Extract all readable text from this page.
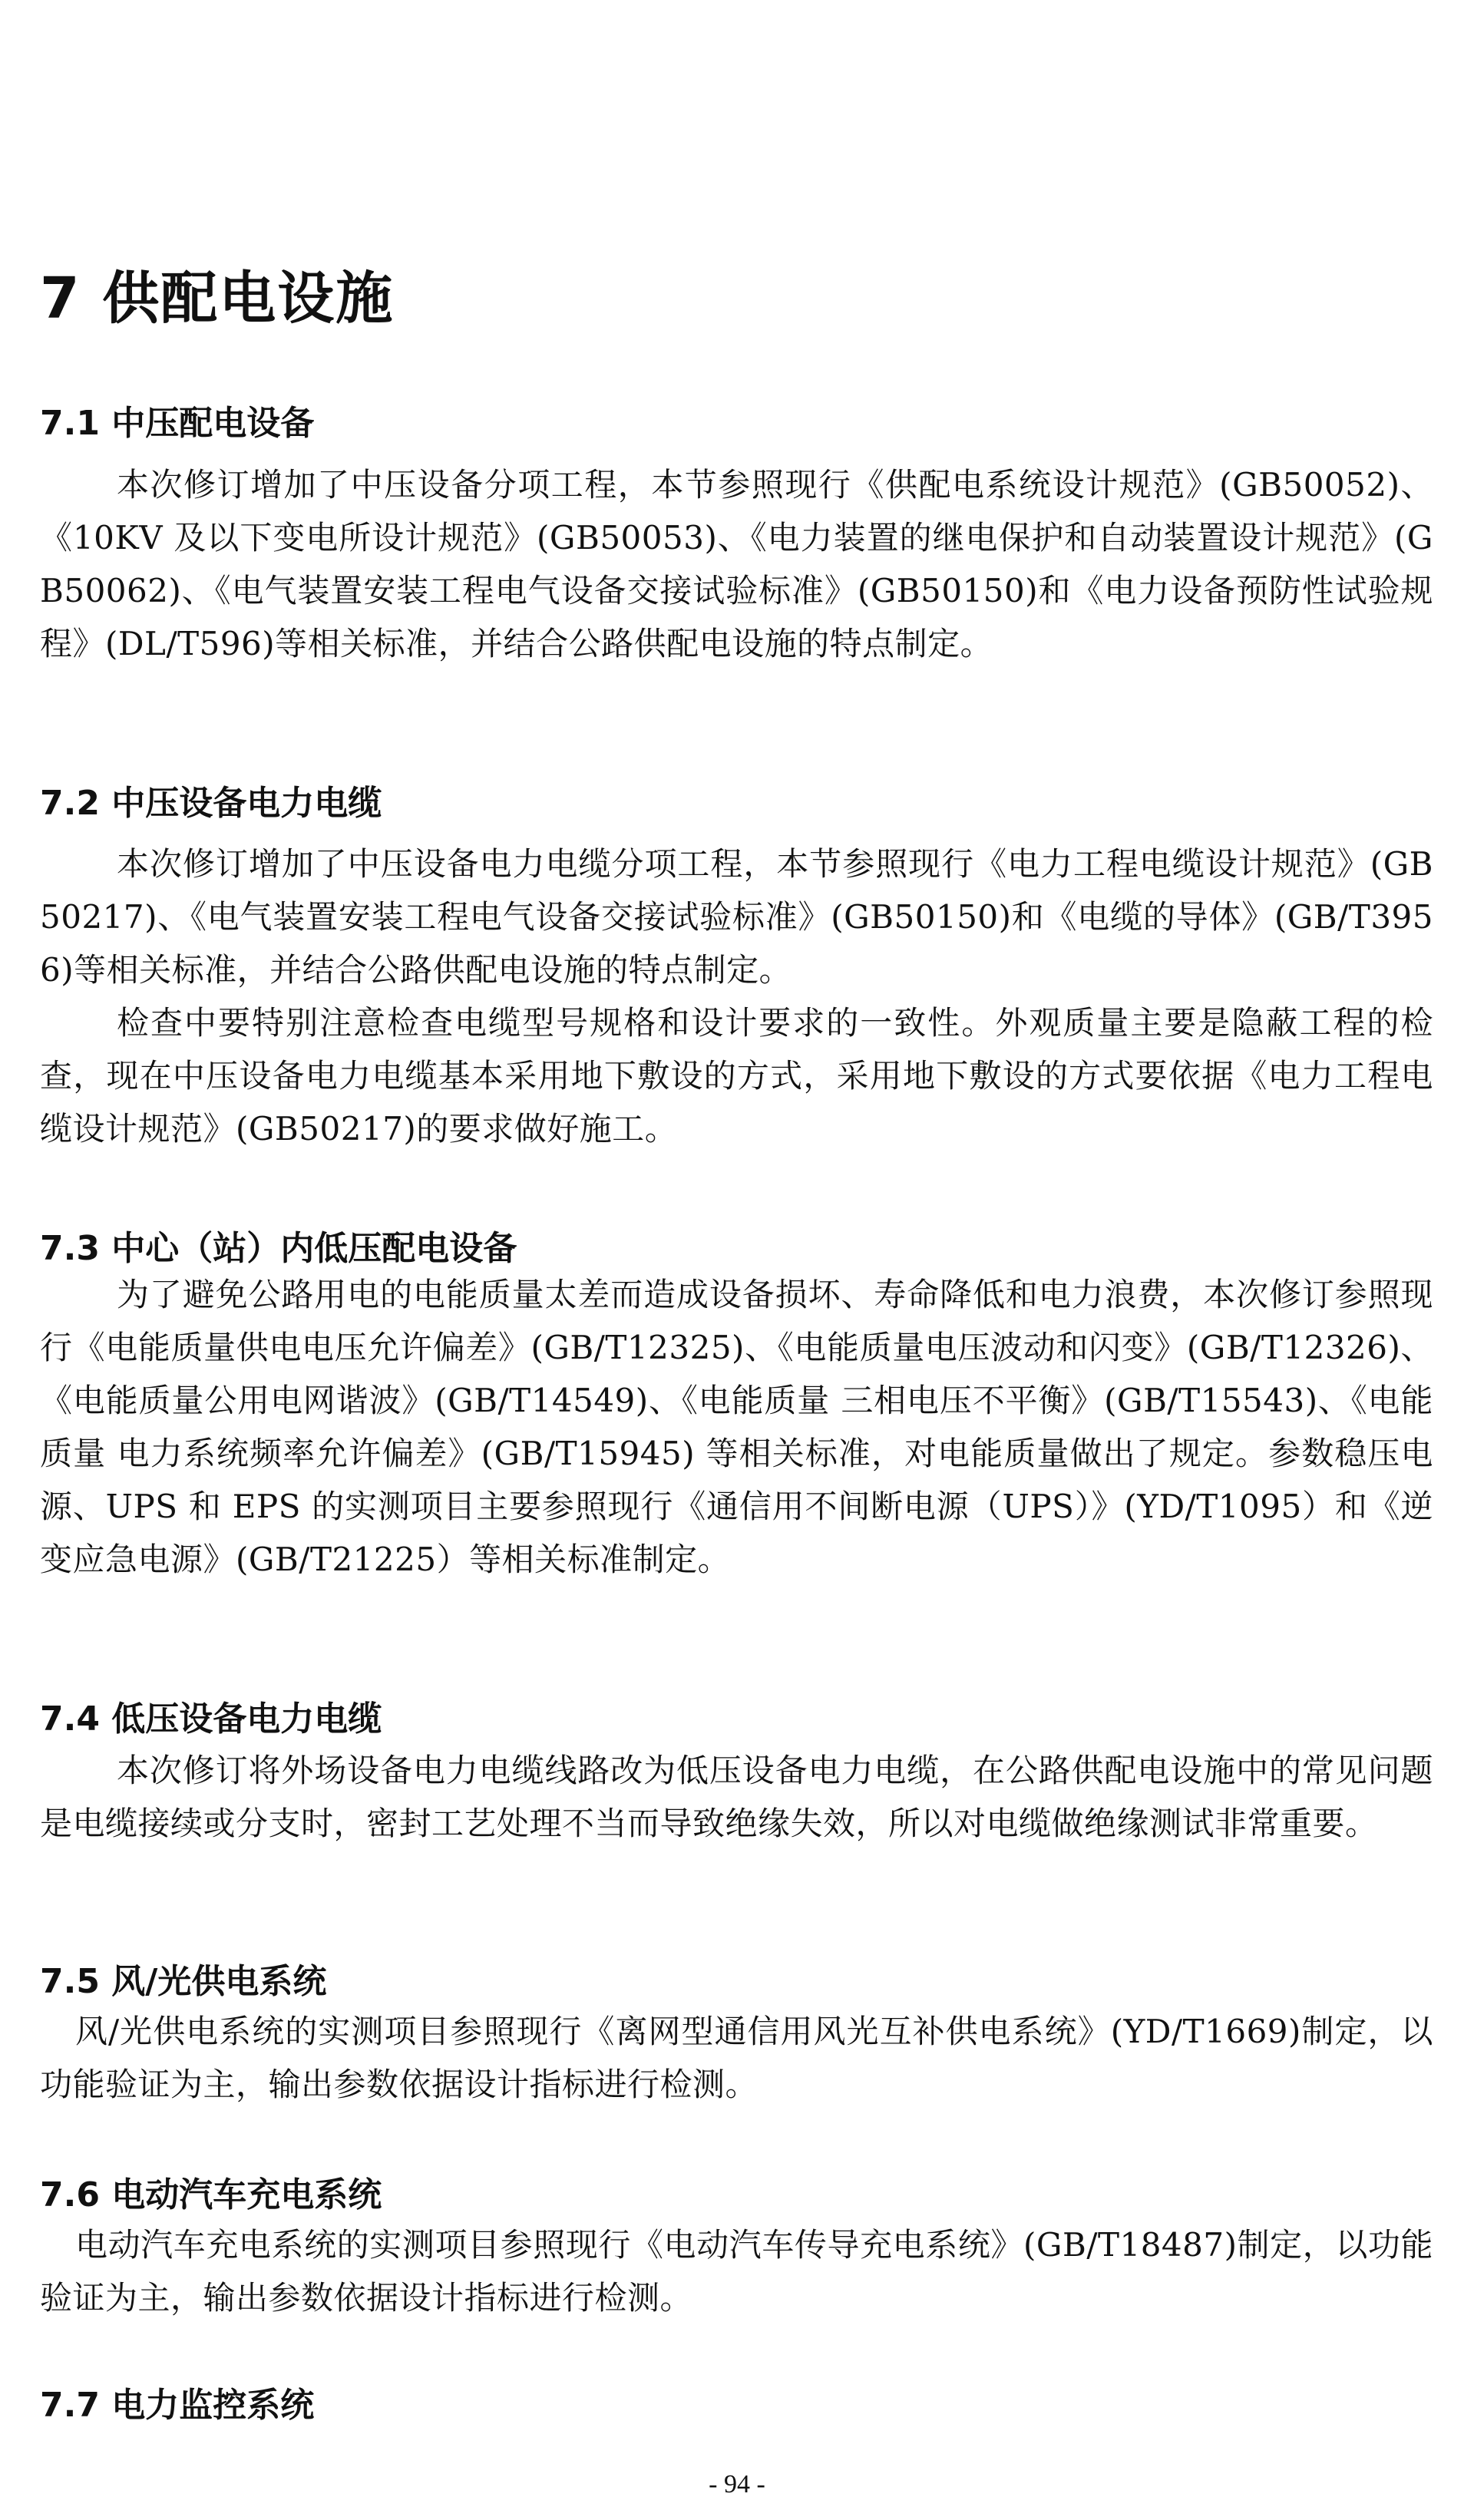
7 供配电设施
7.1 中压配电设备

本次修订增加了中压设备分项工程，本节参照现行《供配电系统设计规范》(GB50052)、《10KV 及以下变电所设计规范》(GB50053)、《电力装置的继电保护和自动装置设计规范》(GB50062)、《电气装置安装工程电气设备交接试验标准》(GB50150)和《电力设备预防性试验规程》(DL/T596)等相关标准，并结合公路供配电设施的特点制定。

7.2 中压设备电力电缆

本次修订增加了中压设备电力电缆分项工程，本节参照现行《电力工程电缆设计规范》(GB50217)、《电气装置安装工程电气设备交接试验标准》(GB50150)和《电缆的导体》(GB/T3956)等相关标准，并结合公路供配电设施的特点制定。

检查中要特别注意检查电缆型号规格和设计要求的一致性。外观质量主要是隐蔽工程的检查，现在中压设备电力电缆基本采用地下敷设的方式，采用地下敷设的方式要依据《电力工程电缆设计规范》(GB50217)的要求做好施工。

7.3 中心（站）内低压配电设备

为了避免公路用电的电能质量太差而造成设备损坏、寿命降低和电力浪费，本次修订参照现行《电能质量供电电压允许偏差》(GB/T12325)、《电能质量电压波动和闪变》(GB/T12326)、《电能质量公用电网谐波》(GB/T14549)、《电能质量 三相电压不平衡》(GB/T15543)、《电能质量 电力系统频率允许偏差》(GB/T15945) 等相关标准，对电能质量做出了规定。参数稳压电源、UPS 和 EPS 的实测项目主要参照现行《通信用不间断电源（UPS）》(YD/T1095）和《逆变应急电源》(GB/T21225）等相关标准制定。

7.4 低压设备电力电缆

本次修订将外场设备电力电缆线路改为低压设备电力电缆，在公路供配电设施中的常见问题是电缆接续或分支时，密封工艺处理不当而导致绝缘失效，所以对电缆做绝缘测试非常重要。

7.5 风/光供电系统

风/光供电系统的实测项目参照现行《离网型通信用风光互补供电系统》(YD/T1669)制定，以功能验证为主，输出参数依据设计指标进行检测。

7.6 电动汽车充电系统

电动汽车充电系统的实测项目参照现行《电动汽车传导充电系统》(GB/T18487)制定，以功能验证为主，输出参数依据设计指标进行检测。

7.7 电力监控系统
- 94 -
